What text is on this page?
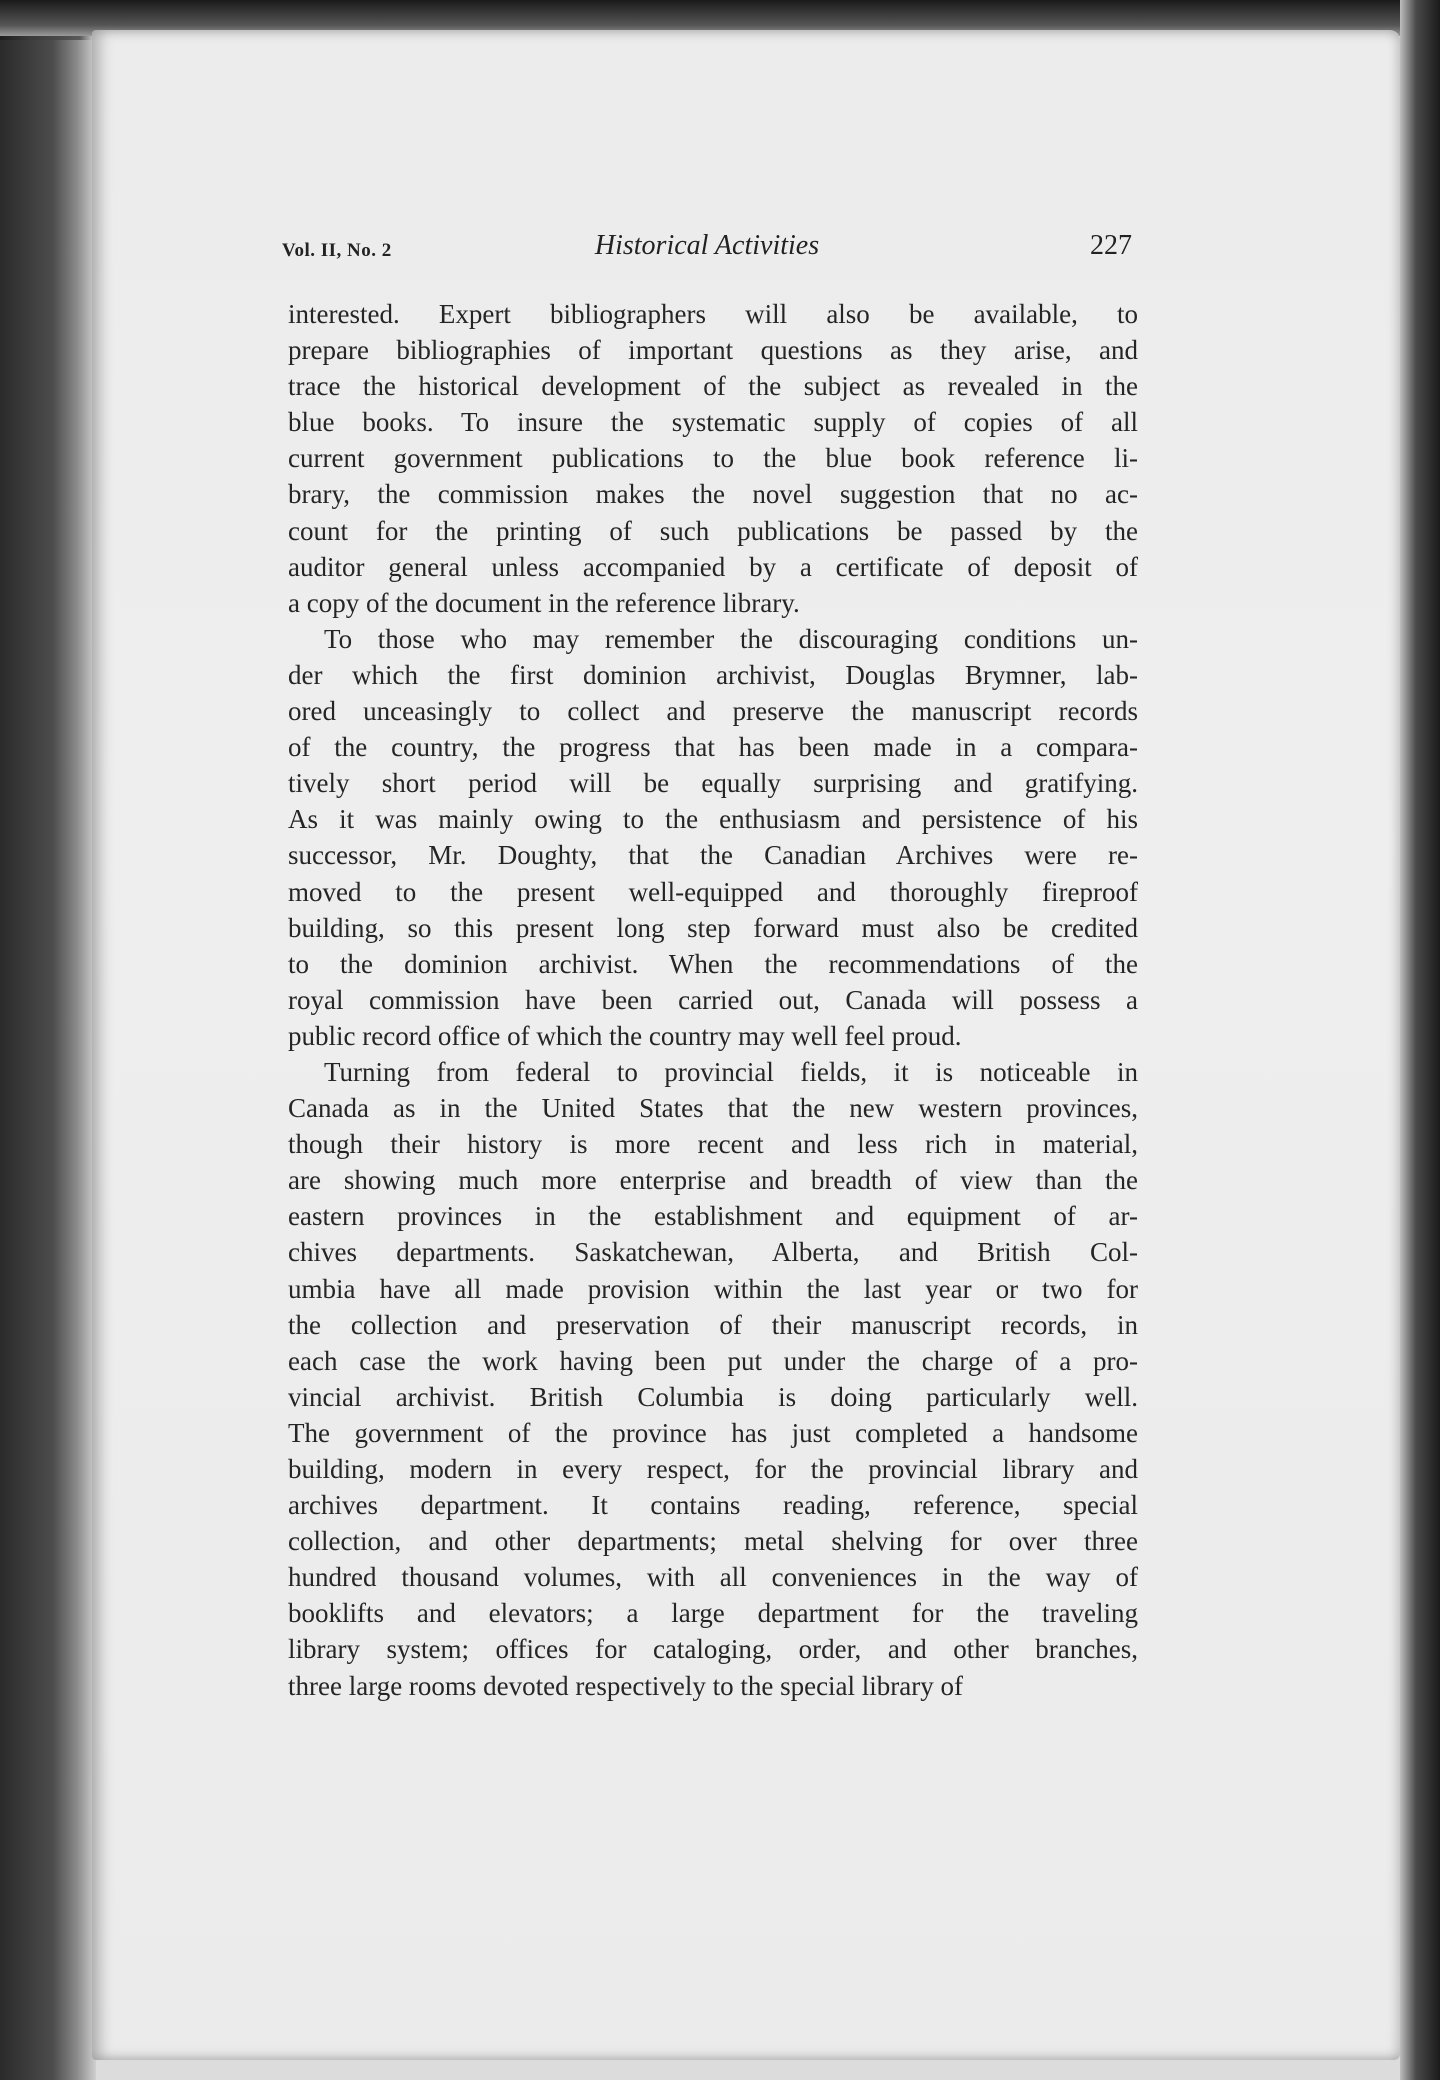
Vol. II, No. 2	Historical Activities	227
interested. Expert bibliographers will also be available, to
prepare bibliographies of important questions as they arise, and
trace the historical development of the subject as revealed in the
blue books. To insure the systematic supply of copies of all
current government publications to the blue book reference li-
brary, the commission makes the novel suggestion that no ac-
count for the printing of such publications be passed by the
auditor general unless accompanied by a certificate of deposit of
a copy of the document in the reference library.
To those who may remember the discouraging conditions un-
der which the first dominion archivist, Douglas Brymner, lab-
ored unceasingly to collect and preserve the manuscript records
of the country, the progress that has been made in a compara-
tively short period will be equally surprising and gratifying.
As it was mainly owing to the enthusiasm and persistence of his
successor, Mr. Doughty, that the Canadian Archives were re-
moved to the present well-equipped and thoroughly fireproof
building, so this present long step forward must also be credited
to the dominion archivist. When the recommendations of the
royal commission have been carried out, Canada will possess a
public record office of which the country may well feel proud.
Turning from federal to provincial fields, it is noticeable in
Canada as in the United States that the new western provinces,
though their history is more recent and less rich in material,
are showing much more enterprise and breadth of view than the
eastern provinces in the establishment and equipment of ar-
chives departments. Saskatchewan, Alberta, and British Col-
umbia have all made provision within the last year or two for
the collection and preservation of their manuscript records, in
each case the work having been put under the charge of a pro-
vincial archivist. British Columbia is doing particularly well.
The government of the province has just completed a handsome
building, modern in every respect, for the provincial library and
archives department. It contains reading, reference, special
collection, and other departments; metal shelving for over three
hundred thousand volumes, with all conveniences in the way of
booklifts and elevators; a large department for the traveling
library system; offices for cataloging, order, and other branches,
three large rooms devoted respectively to the special library of
